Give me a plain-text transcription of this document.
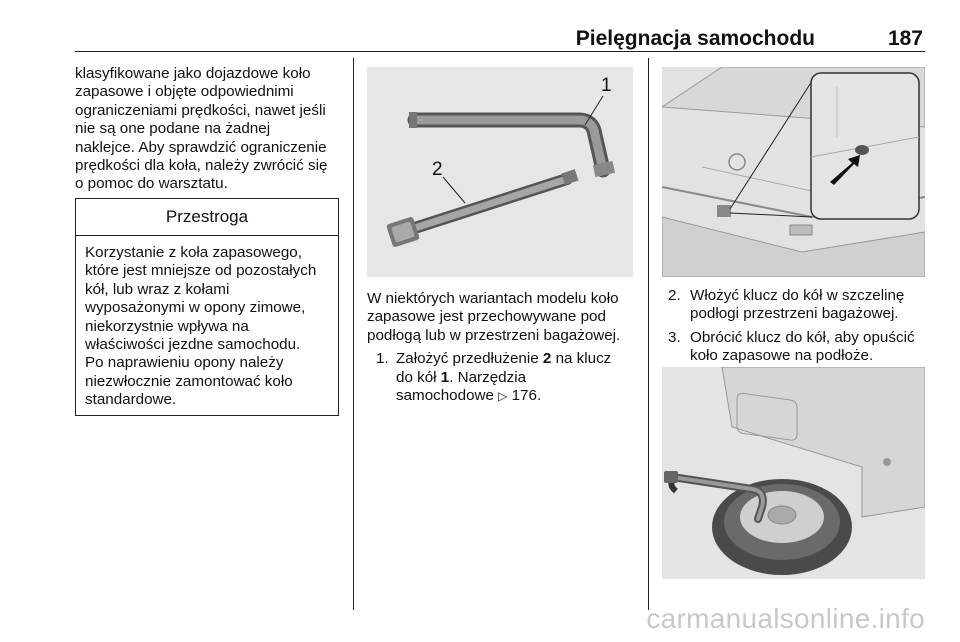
Pielęgnacja samochodu	187
klasyfikowane jako dojazdowe koło
zapasowe i objęte odpowiednimi
ograniczeniami prędkości, nawet jeśli
nie są one podane na żadnej
naklejce. Aby sprawdzić ograniczenie
prędkości dla koła, należy zwrócić się
o pomoc do warsztatu.
Przestroga
Korzystanie z koła zapasowego,
które jest mniejsze od pozostałych
kół, lub wraz z kołami
wyposażonymi w opony zimowe,
niekorzystnie wpływa na
właściwości jezdne samochodu.
Po naprawieniu opony należy
niezwłocznie zamontować koło
standardowe.
1
2
W niektórych wariantach modelu koło
zapasowe jest przechowywane pod
podłogą lub w przestrzeni bagażowej.
1. Założyć przedłużenie 2 na klucz
do kół 1. Narzędzia
samochodowe ▷ 176.
2. Włożyć klucz do kół w szczelinę
podłogi przestrzeni bagażowej.
3. Obrócić klucz do kół, aby opuścić
koło zapasowe na podłoże.
carmanualsonline.info
